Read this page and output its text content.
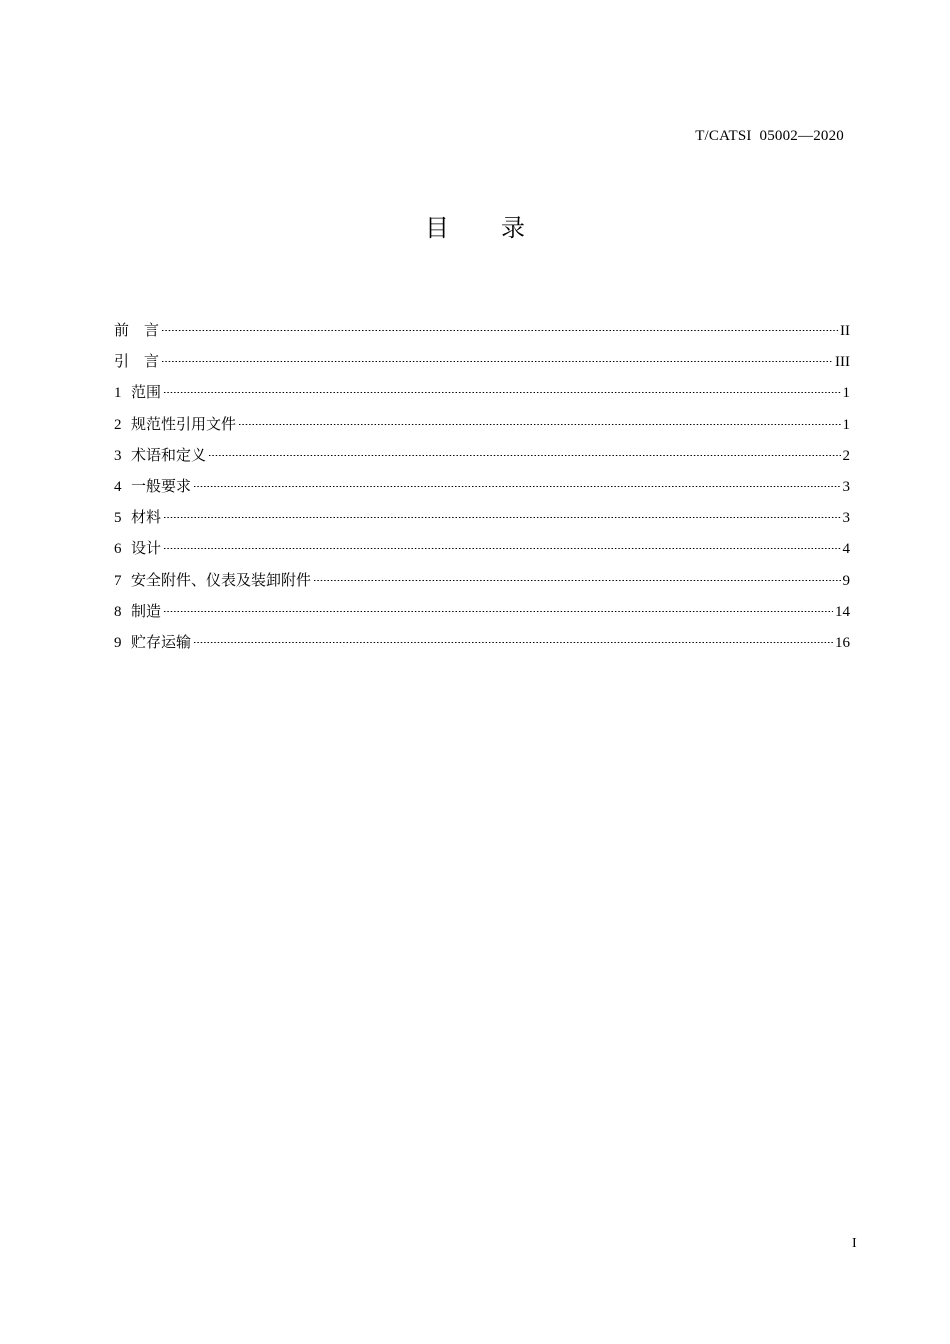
T/CATSI  05002—2020
目 录
前　言	II
引　言	III
1 范围	1
2 规范性引用文件	1
3 术语和定义	2
4 一般要求	3
5 材料	3
6 设计	4
7 安全附件、仪表及装卸附件	9
8 制造	14
9 贮存运输	16
I
